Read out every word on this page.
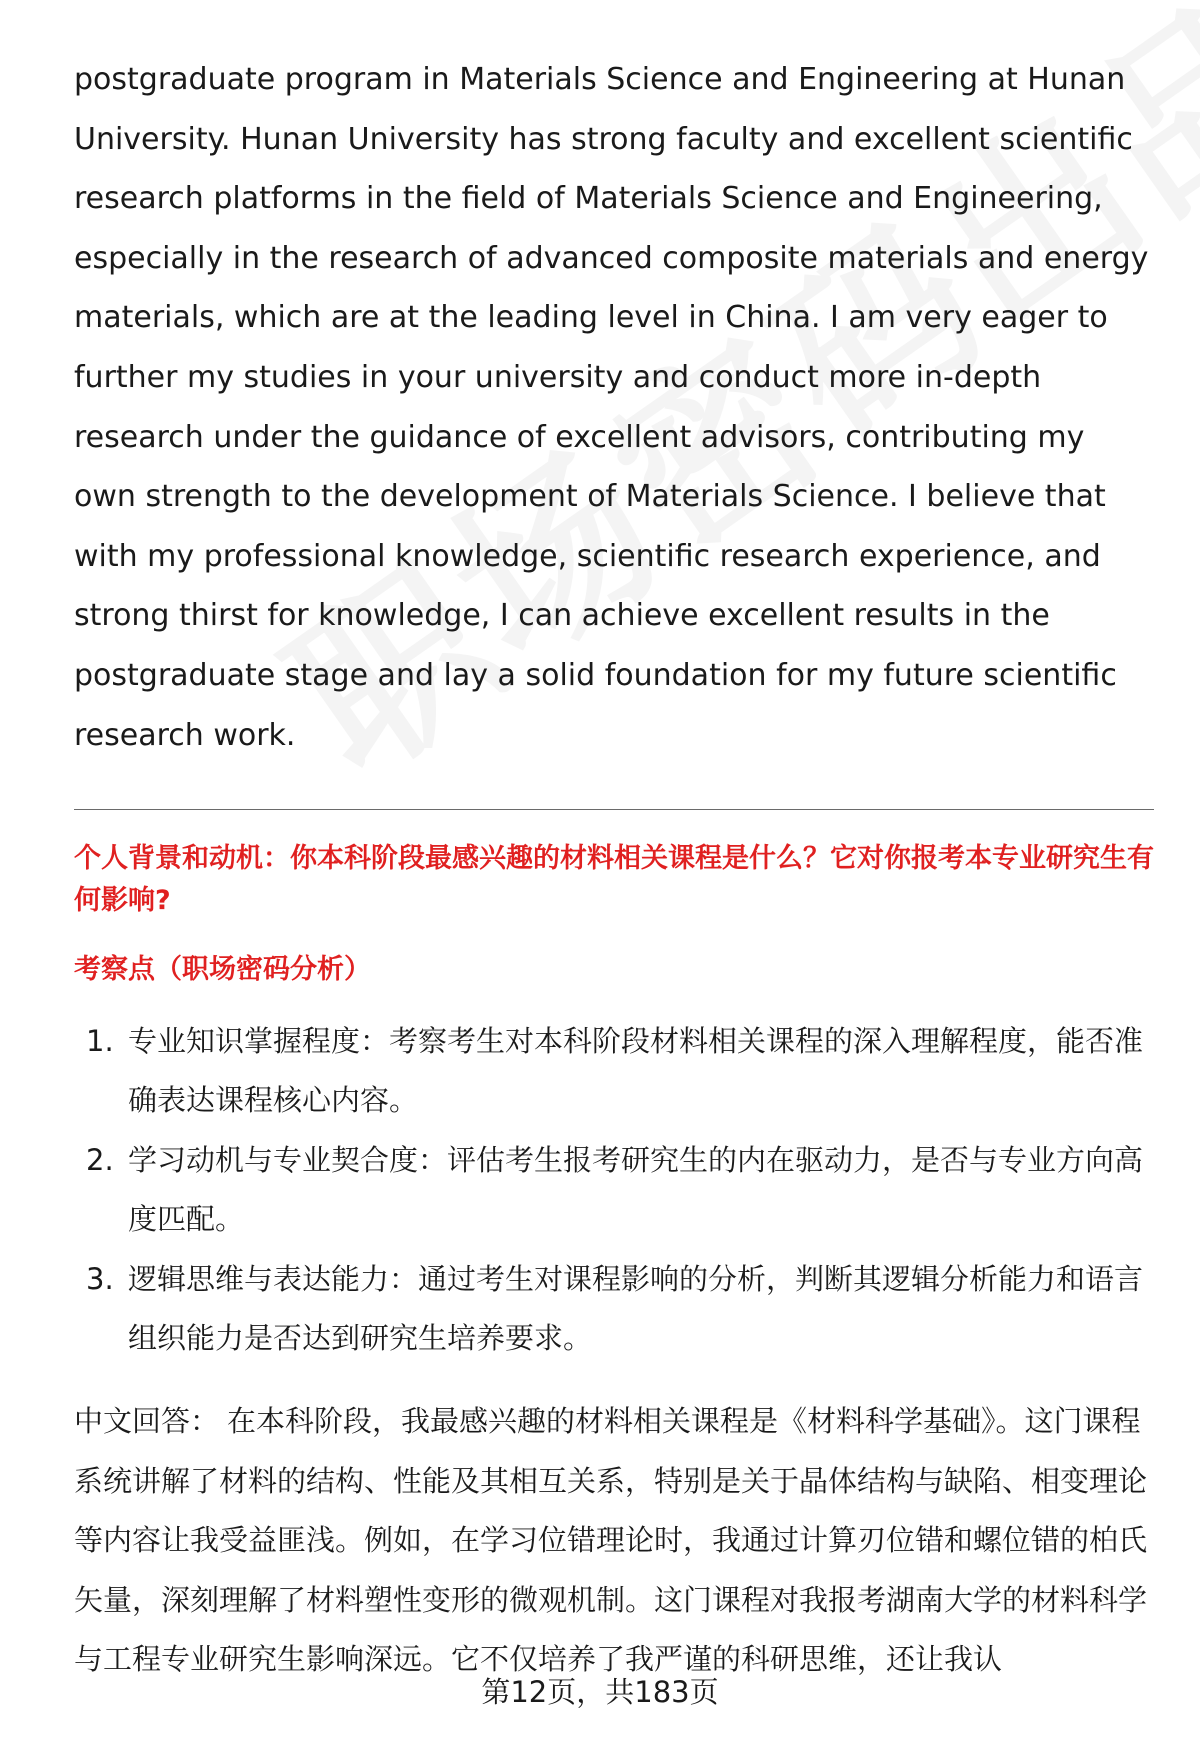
postgraduate program in Materials Science and Engineering at Hunan University. Hunan University has strong faculty and excellent scientific research platforms in the field of Materials Science and Engineering, especially in the research of advanced composite materials and energy materials, which are at the leading level in China. I am very eager to further my studies in your university and conduct more in-depth research under the guidance of excellent advisors, contributing my own strength to the development of Materials Science. I believe that with my professional knowledge, scientific research experience, and strong thirst for knowledge, I can achieve excellent results in the postgraduate stage and lay a solid foundation for my future scientific research work.

个人背景和动机：你本科阶段最感兴趣的材料相关课程是什么？它对你报考本专业研究生有何影响?

考察点（职场密码分析）

1. 专业知识掌握程度：考察考生对本科阶段材料相关课程的深入理解程度，能否准确表达课程核心内容。
2. 学习动机与专业契合度：评估考生报考研究生的内在驱动力，是否与专业方向高度匹配。
3. 逻辑思维与表达能力：通过考生对课程影响的分析，判断其逻辑分析能力和语言组织能力是否达到研究生培养要求。

中文回答： 在本科阶段，我最感兴趣的材料相关课程是《材料科学基础》。这门课程系统讲解了材料的结构、性能及其相互关系，特别是关于晶体结构与缺陷、相变理论等内容让我受益匪浅。例如，在学习位错理论时，我通过计算刃位错和螺位错的柏氏矢量，深刻理解了材料塑性变形的微观机制。这门课程对我报考湖南大学的材料科学与工程专业研究生影响深远。它不仅培养了我严谨的科研思维，还让我认

第12页，共183页
